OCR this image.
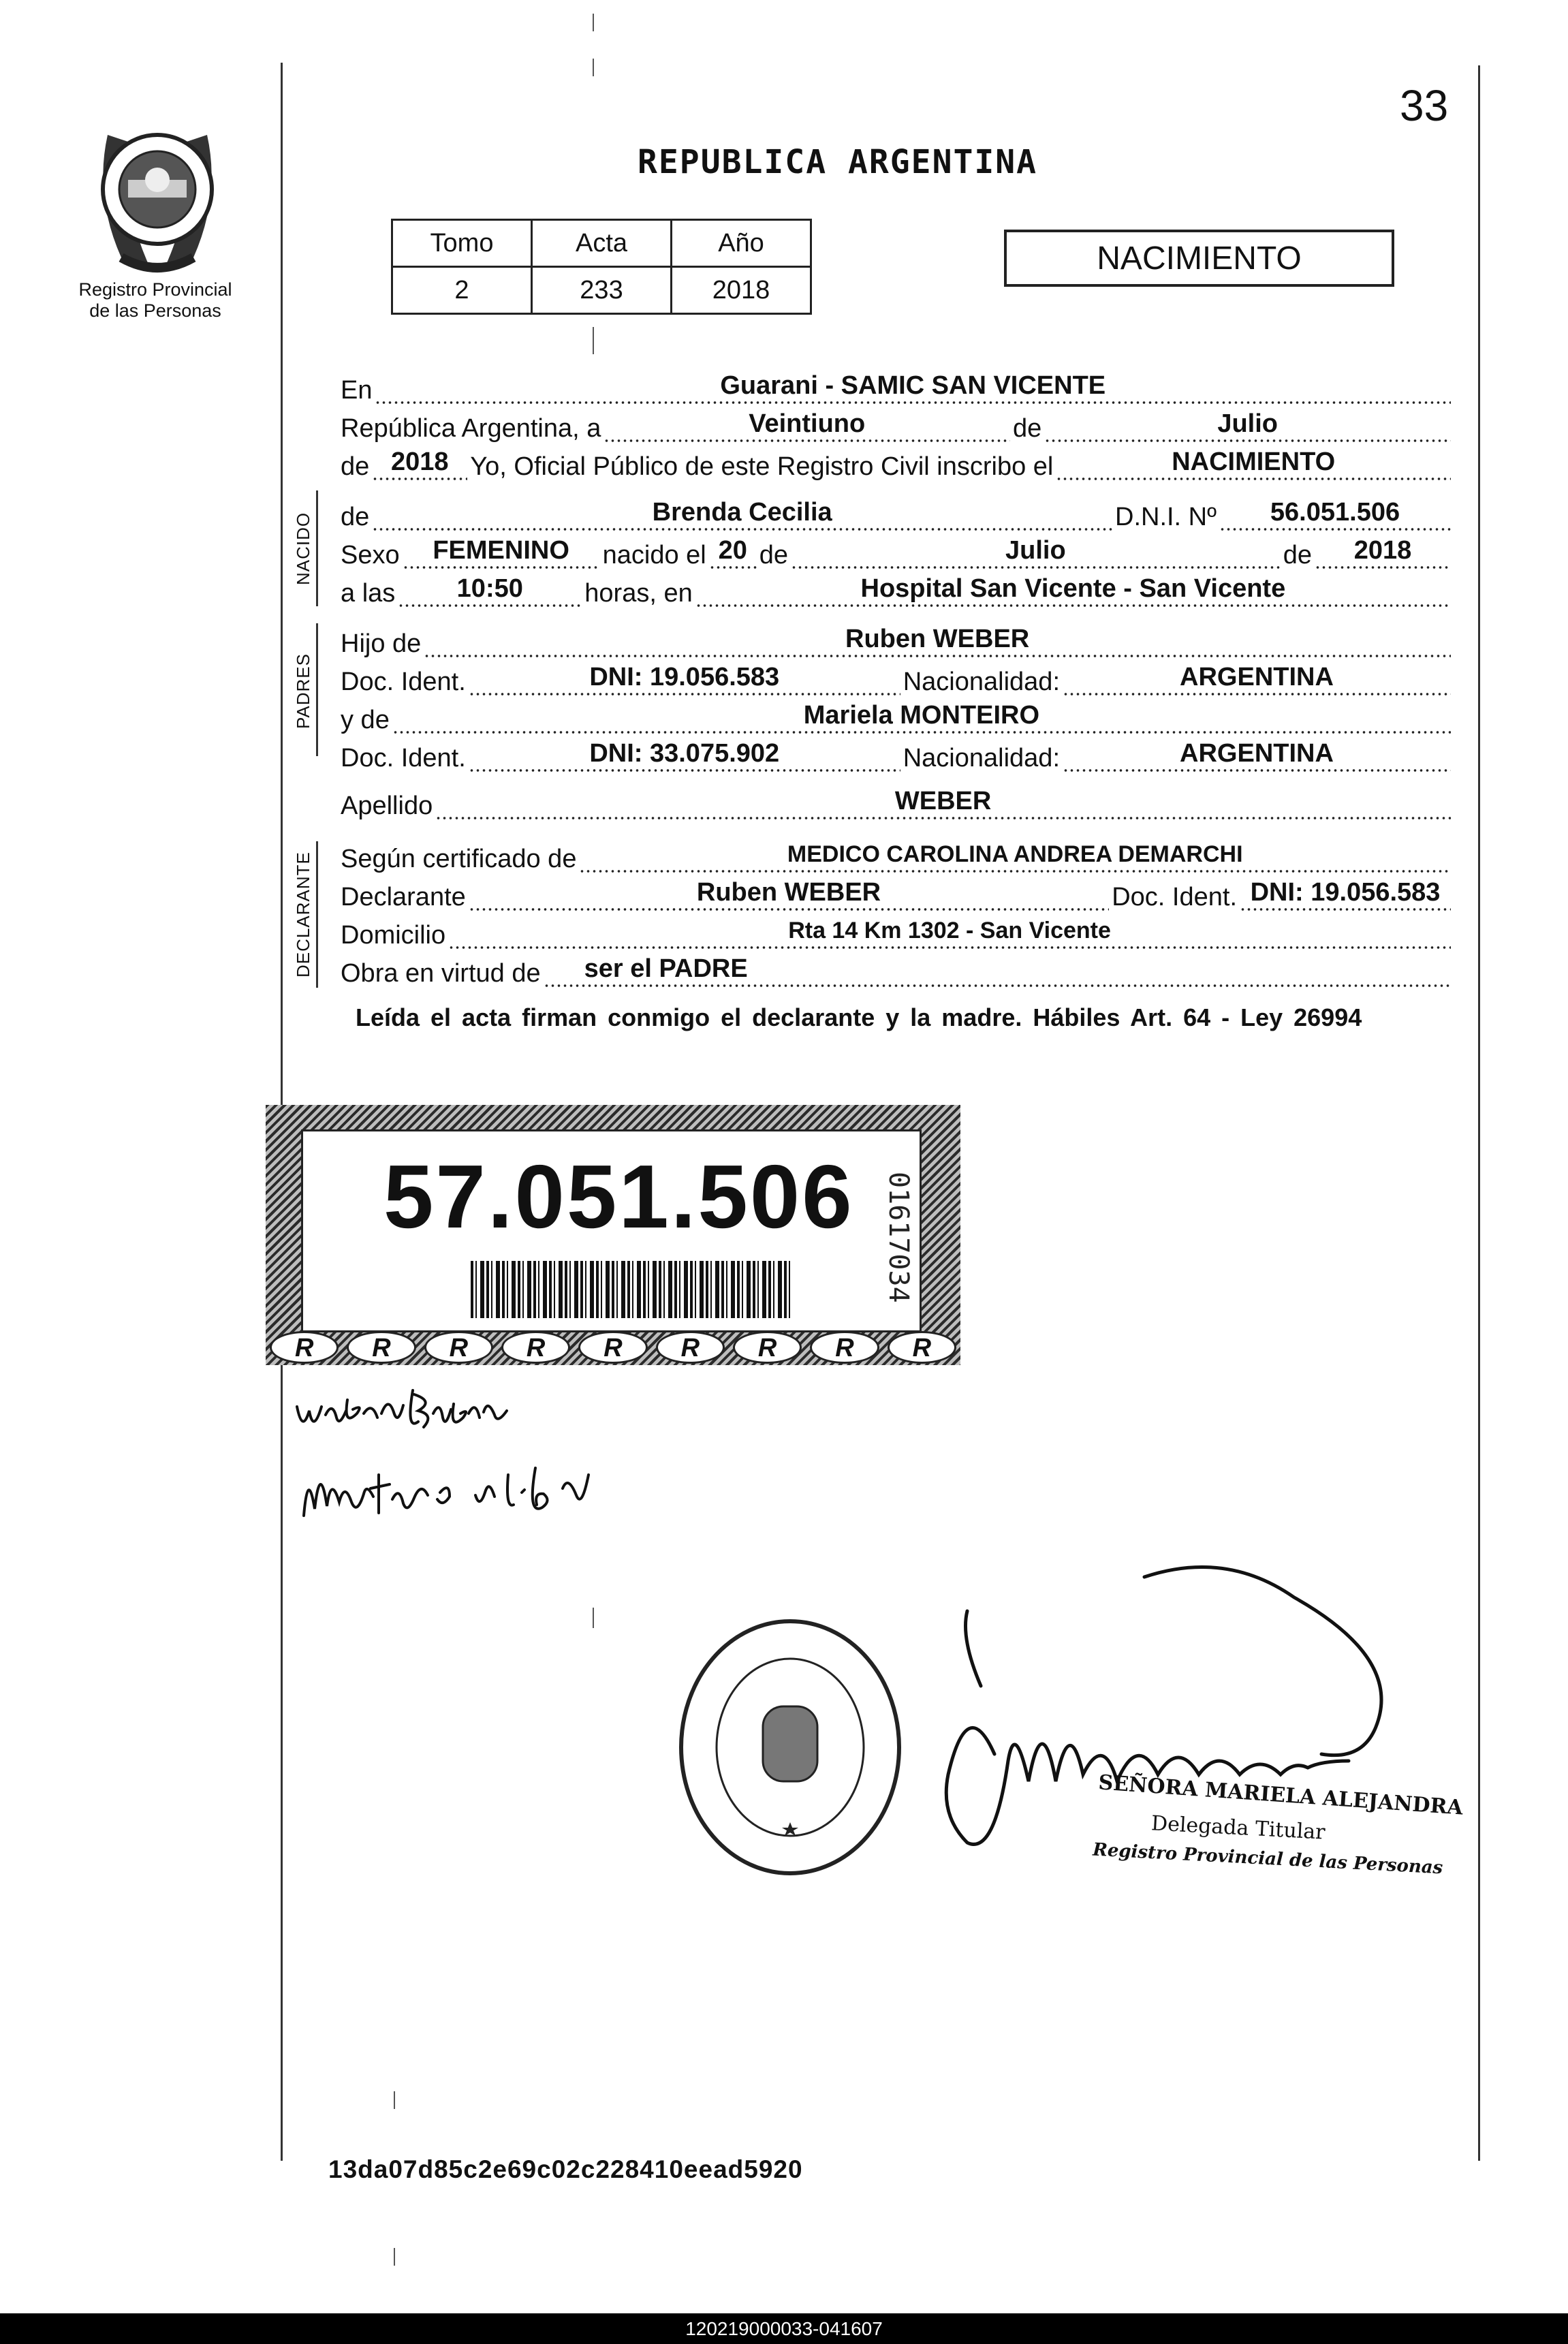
33
Registro Provincial
de las Personas
REPUBLICA ARGENTINA
Tomo	Acta	Año
2	233	2018
NACIMIENTO
En	Guarani - SAMIC SAN VICENTE
República Argentina, a	Veintiuno	de	Julio
de 2018 Yo, Oficial Público de este Registro Civil inscribo el	NACIMIENTO
NACIDO	de	Brenda Cecilia	D.N.I. Nº	56.051.506
Sexo	FEMENINO	nacido el 20 de	Julio	de	2018
a las	10:50	horas, en	Hospital San Vicente - San Vicente
PADRES
Hijo de	Ruben WEBER
Doc. Ident.	DNI: 19.056.583	Nacionalidad:	ARGENTINA
y de	Mariela MONTEIRO
Doc. Ident.	DNI: 33.075.902	Nacionalidad:	ARGENTINA
Apellido	WEBER
DECLARANTE	Según certificado de	MEDICO CAROLINA ANDREA DEMARCHI
Declarante	Ruben WEBER	Doc. Ident. DNI: 19.056.583
Domicilio	Rta 14 Km 1302 - San Vicente
Obra en virtud de	ser el PADRE
Leída el acta firman conmigo el declarante y la madre. Hábiles Art. 64 - Ley 26994
57.051.506	01617034
R	R	R	R	R	R	R	R	R
SEÑORA MARIELA ALEJANDRA
Delegada Titular
Registro Provincial de las Personas
13da07d85c2e69c02c228410eead5920
120219000033-041607
